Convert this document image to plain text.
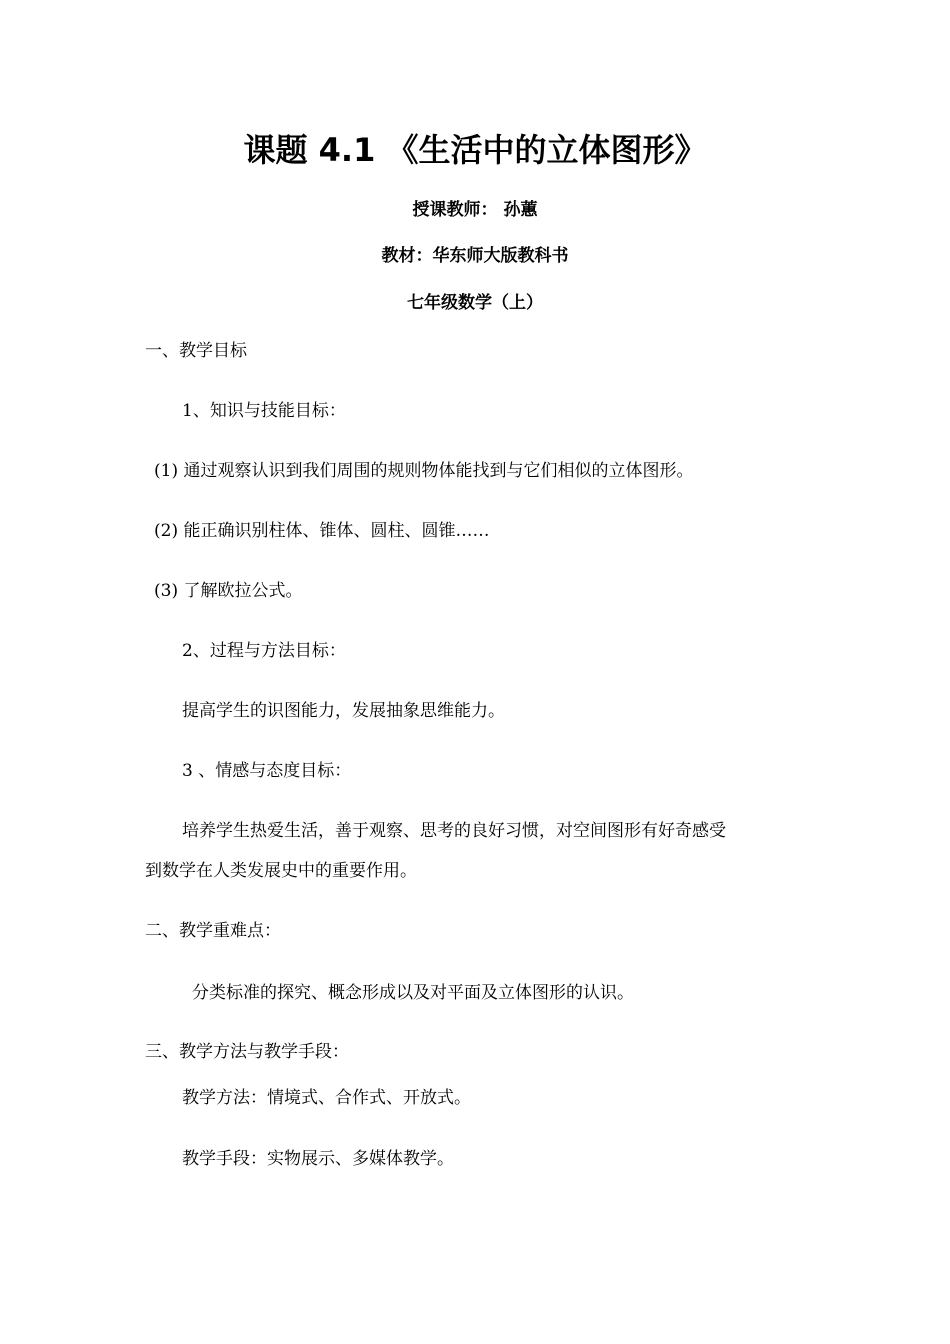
课题 4.1 《生活中的立体图形》
授课教师： 孙蕙
教材：华东师大版教科书
七年级数学（上）
一、教学目标
1、知识与技能目标：
(1) 通过观察认识到我们周围的规则物体能找到与它们相似的立体图形。
(2) 能正确识别柱体、锥体、圆柱、圆锥……
(3) 了解欧拉公式。
2、过程与方法目标：
提高学生的识图能力，发展抽象思维能力。
3 、情感与态度目标：
培养学生热爱生活，善于观察、思考的良好习惯，对空间图形有好奇感受
到数学在人类发展史中的重要作用。
二、教学重难点：
分类标准的探究、概念形成以及对平面及立体图形的认识。
三、教学方法与教学手段：
教学方法：情境式、合作式、开放式。
教学手段：实物展示、多媒体教学。
